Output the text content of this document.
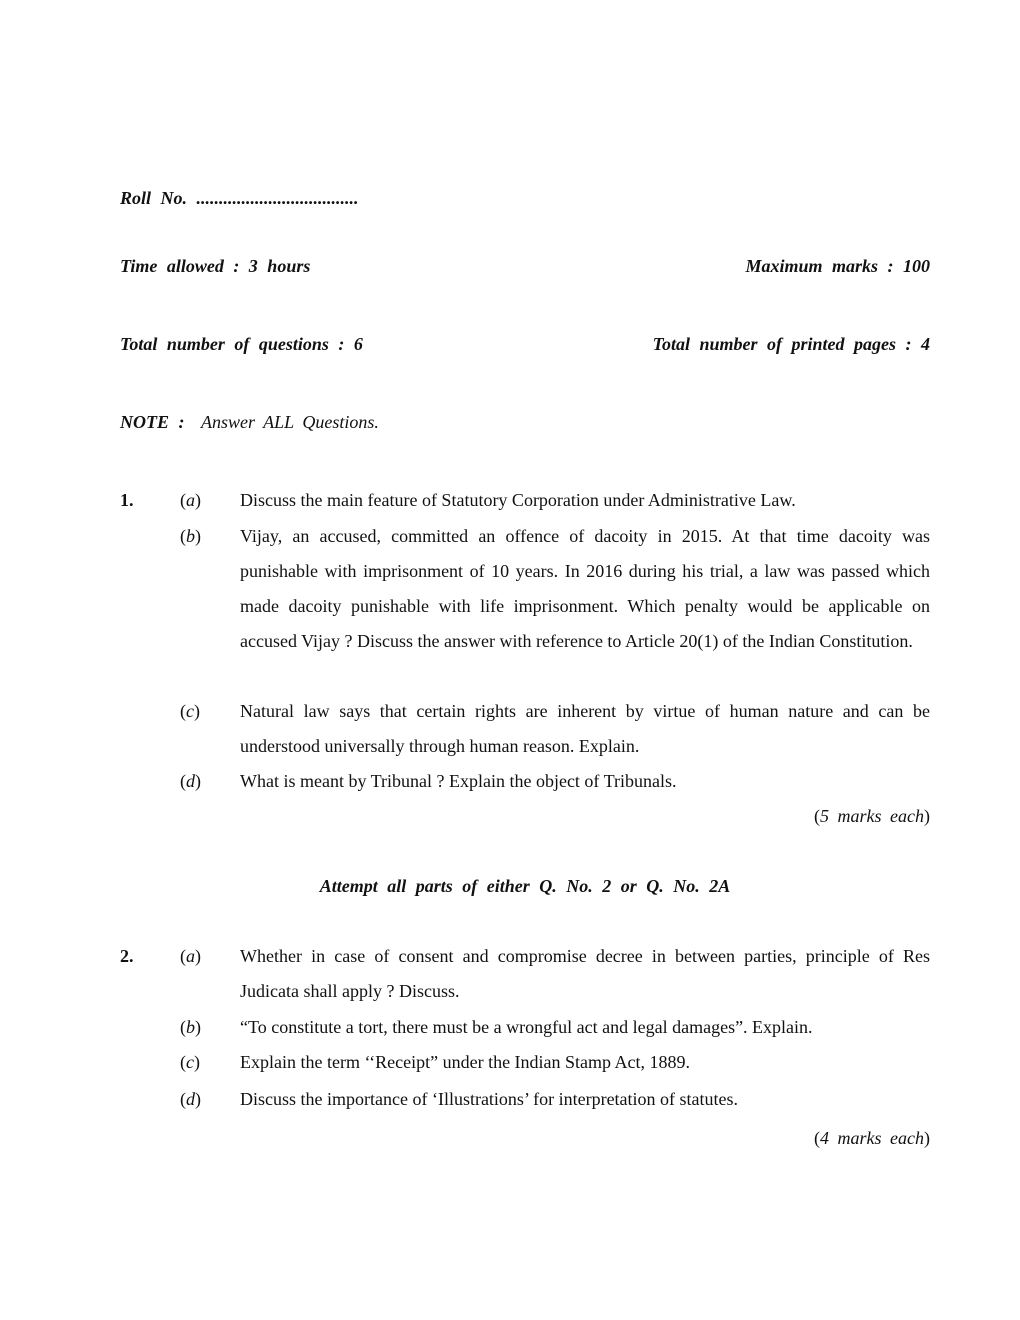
Roll No. ....................................
Time allowed : 3 hours	Maximum marks : 100
Total number of questions : 6	Total number of printed pages : 4
NOTE : Answer ALL Questions.
1.	(a) Discuss the main feature of Statutory Corporation under Administrative Law.
(b) Vijay, an accused, committed an offence of dacoity in 2015. At that time dacoity was punishable with imprisonment of 10 years. In 2016 during his trial, a law was passed which made dacoity punishable with life imprisonment. Which penalty would be applicable on accused Vijay ? Discuss the answer with reference to Article 20(1) of the Indian Constitution.
(c) Natural law says that certain rights are inherent by virtue of human nature and can be understood universally through human reason. Explain.
(d) What is meant by Tribunal ? Explain the object of Tribunals.
(5 marks each)
Attempt all parts of either Q. No. 2 or Q. No. 2A
2.	(a) Whether in case of consent and compromise decree in between parties, principle of Res Judicata shall apply ? Discuss.
(b) “To constitute a tort, there must be a wrongful act and legal damages”. Explain.
(c) Explain the term ‘‘Receipt” under the Indian Stamp Act, 1889.
(d) Discuss the importance of ‘Illustrations’ for interpretation of statutes.
(4 marks each)
